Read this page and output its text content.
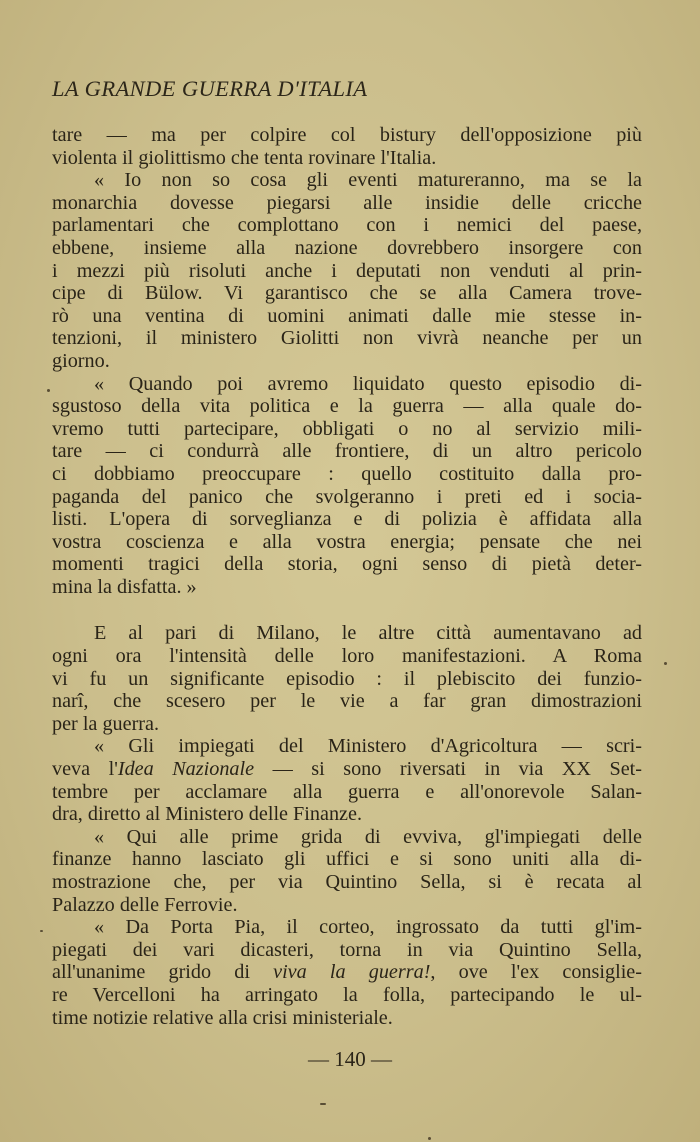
LA GRANDE GUERRA D'ITALIA
tare — ma per colpire col bistury dell'opposizione più
violenta il giolittismo che tenta rovinare l'Italia.
« Io non so cosa gli eventi matureranno, ma se la
monarchia dovesse piegarsi alle insidie delle cricche
parlamentari che complottano con i nemici del paese,
ebbene, insieme alla nazione dovrebbero insorgere con
i mezzi più risoluti anche i deputati non venduti al prin-
cipe di Bülow. Vi garantisco che se alla Camera trove-
rò una ventina di uomini animati dalle mie stesse in-
tenzioni, il ministero Giolitti non vivrà neanche per un
giorno.
« Quando poi avremo liquidato questo episodio di-
sgustoso della vita politica e la guerra — alla quale do-
vremo tutti partecipare, obbligati o no al servizio mili-
tare — ci condurrà alle frontiere, di un altro pericolo
ci dobbiamo preoccupare : quello costituito dalla pro-
paganda del panico che svolgeranno i preti ed i socia-
listi. L'opera di sorveglianza e di polizia è affidata alla
vostra coscienza e alla vostra energia; pensate che nei
momenti tragici della storia, ogni senso di pietà deter-
mina la disfatta. »
E al pari di Milano, le altre città aumentavano ad
ogni ora l'intensità delle loro manifestazioni. A Roma
vi fu un significante episodio : il plebiscito dei funzio-
narî, che scesero per le vie a far gran dimostrazioni
per la guerra.
« Gli impiegati del Ministero d'Agricoltura — scri-
veva l'Idea Nazionale — si sono riversati in via XX Set-
tembre per acclamare alla guerra e all'onorevole Salan-
dra, diretto al Ministero delle Finanze.
« Qui alle prime grida di evviva, gl'impiegati delle
finanze hanno lasciato gli uffici e si sono uniti alla di-
mostrazione che, per via Quintino Sella, si è recata al
Palazzo delle Ferrovie.
« Da Porta Pia, il corteo, ingrossato da tutti gl'im-
piegati dei vari dicasteri, torna in via Quintino Sella,
all'unanime grido di viva la guerra!, ove l'ex consiglie-
re Vercelloni ha arringato la folla, partecipando le ul-
time notizie relative alla crisi ministeriale.
— 140 —
